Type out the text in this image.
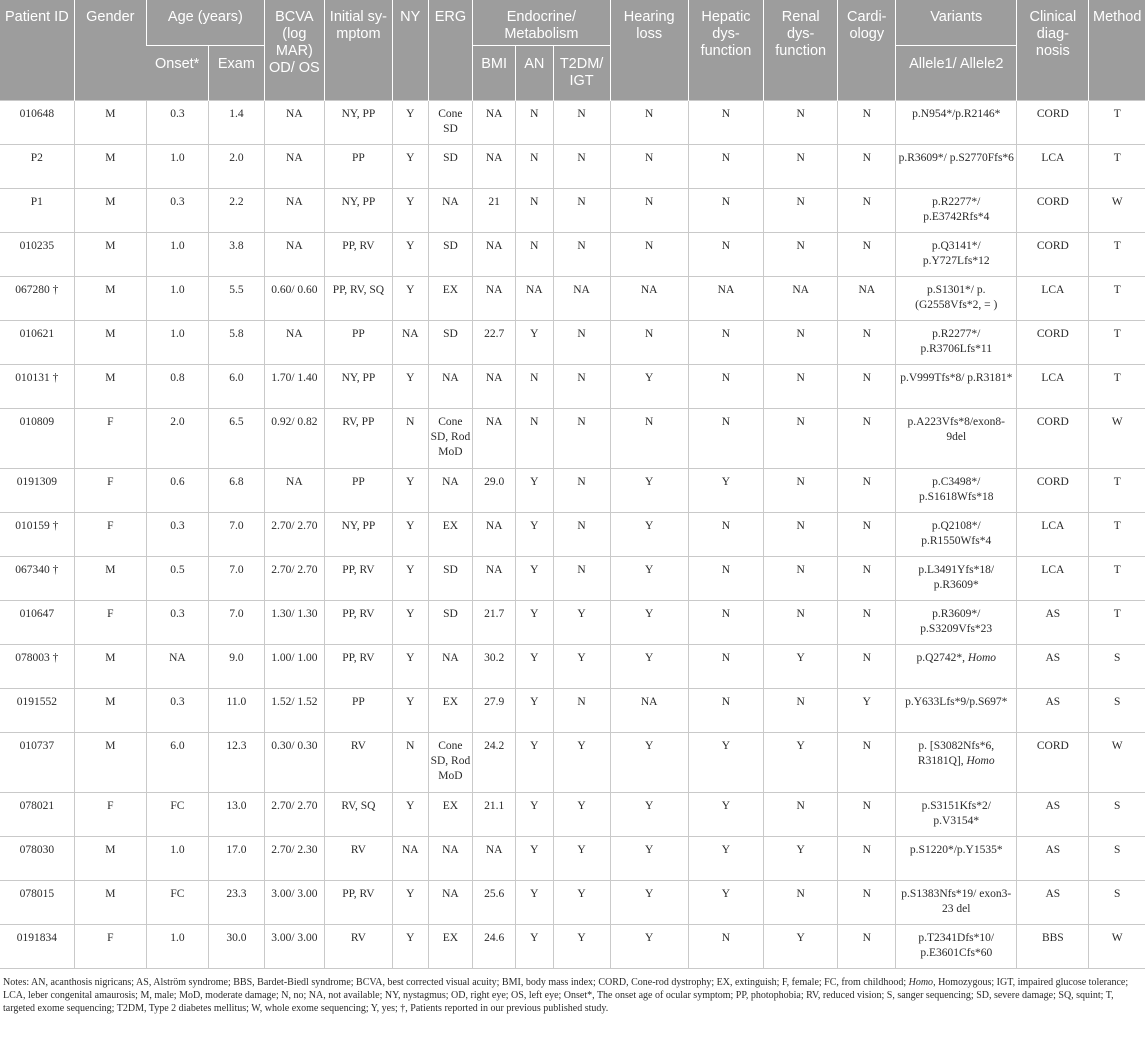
Patient ID	Gender	Age (years)		BCVA (log MAR) OD/ OS	Initial sy- mptom	NY	ERG	Endocrine/ Metabolism			Hearing loss	Hepatic dys- function	Renal dys- function	Cardi- ology	Variants	Clinical diag- nosis	Method
		Onset*	Exam					BMI	AN	T2DM/ IGT					Allele1/ Allele2		
010648	M	0.3	1.4	NA	NY, PP	Y	Cone SD	NA	N	N	N	N	N	N	p.N954*/p.R2146*	CORD	T
P2	M	1.0	2.0	NA	PP	Y	SD	NA	N	N	N	N	N	N	p.R3609*/ p.S2770Ffs*6	LCA	T
P1	M	0.3	2.2	NA	NY, PP	Y	NA	21	N	N	N	N	N	N	p.R2277*/ p.E3742Rfs*4	CORD	W
010235	M	1.0	3.8	NA	PP, RV	Y	SD	NA	N	N	N	N	N	N	p.Q3141*/ p.Y727Lfs*12	CORD	T
067280 †	M	1.0	5.5	0.60/ 0.60	PP, RV, SQ	Y	EX	NA	NA	NA	NA	NA	NA	NA	p.S1301*/ p. (G2558Vfs*2, = )	LCA	T
010621	M	1.0	5.8	NA	PP	NA	SD	22.7	Y	N	N	N	N	N	p.R2277*/ p.R3706Lfs*11	CORD	T
010131 †	M	0.8	6.0	1.70/ 1.40	NY, PP	Y	NA	NA	N	N	Y	N	N	N	p.V999Tfs*8/ p.R3181*	LCA	T
010809	F	2.0	6.5	0.92/ 0.82	RV, PP	N	Cone SD, Rod MoD	NA	N	N	N	N	N	N	p.A223Vfs*8/exon8- 9del	CORD	W
0191309	F	0.6	6.8	NA	PP	Y	NA	29.0	Y	N	Y	Y	N	N	p.C3498*/ p.S1618Wfs*18	CORD	T
010159 †	F	0.3	7.0	2.70/ 2.70	NY, PP	Y	EX	NA	Y	N	Y	N	N	N	p.Q2108*/ p.R1550Wfs*4	LCA	T
067340 †	M	0.5	7.0	2.70/ 2.70	PP, RV	Y	SD	NA	Y	N	Y	N	N	N	p.L3491Yfs*18/ p.R3609*	LCA	T
010647	F	0.3	7.0	1.30/ 1.30	PP, RV	Y	SD	21.7	Y	Y	Y	N	N	N	p.R3609*/ p.S3209Vfs*23	AS	T
078003 †	M	NA	9.0	1.00/ 1.00	PP, RV	Y	NA	30.2	Y	Y	Y	N	Y	N	p.Q2742*, Homo	AS	S
0191552	M	0.3	11.0	1.52/ 1.52	PP	Y	EX	27.9	Y	N	NA	N	N	Y	p.Y633Lfs*9/p.S697*	AS	S
010737	M	6.0	12.3	0.30/ 0.30	RV	N	Cone SD, Rod MoD	24.2	Y	Y	Y	Y	Y	N	p. [S3082Nfs*6, R3181Q], Homo	CORD	W
078021	F	FC	13.0	2.70/ 2.70	RV, SQ	Y	EX	21.1	Y	Y	Y	Y	N	N	p.S3151Kfs*2/ p.V3154*	AS	S
078030	M	1.0	17.0	2.70/ 2.30	RV	NA	NA	NA	Y	Y	Y	Y	Y	N	p.S1220*/p.Y1535*	AS	S
078015	M	FC	23.3	3.00/ 3.00	PP, RV	Y	NA	25.6	Y	Y	Y	Y	N	N	p.S1383Nfs*19/ exon3-23 del	AS	S
0191834	F	1.0	30.0	3.00/ 3.00	RV	Y	EX	24.6	Y	Y	Y	N	Y	N	p.T2341Dfs*10/ p.E3601Cfs*60	BBS	W
Notes: AN, acanthosis nigricans; AS, Alström syndrome; BBS, Bardet-Biedl syndrome; BCVA, best corrected visual acuity; BMI, body mass index; CORD, Cone-rod dystrophy; EX, extinguish; F, female; FC, from childhood; Homo, Homozygous; IGT, impaired glucose tolerance; LCA, leber congenital amaurosis; M, male; MoD, moderate damage; N, no; NA, not available; NY, nystagmus; OD, right eye; OS, left eye; Onset*, The onset age of ocular symptom; PP, photophobia; RV, reduced vision; S, sanger sequencing; SD, severe damage; SQ, squint; T, targeted exome sequencing; T2DM, Type 2 diabetes mellitus; W, whole exome sequencing; Y, yes; †, Patients reported in our previous published study.
